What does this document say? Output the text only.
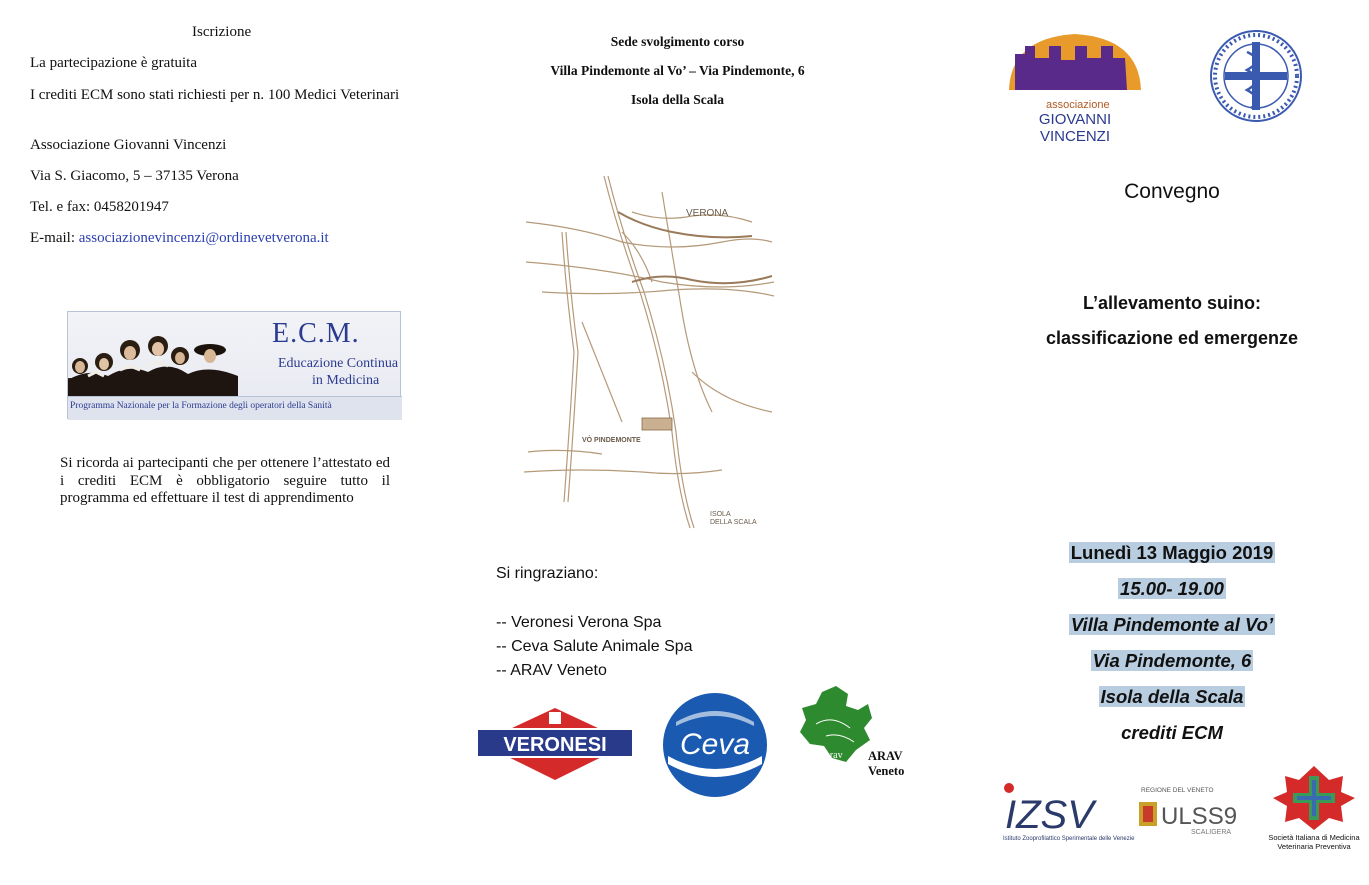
Iscrizione
La partecipazione è gratuita
I crediti ECM sono stati richiesti per n. 100 Medici Veterinari
Associazione Giovanni Vincenzi
Via S. Giacomo, 5 – 37135 Verona
Tel. e fax: 0458201947
E-mail: associazionevincenzi@ordinevetverona.it
E.C.M.
Educazione Continua
in Medicina
Programma Nazionale per la Formazione degli operatori della Sanità
Si ricorda ai partecipanti che per ottenere l’attestato ed i crediti ECM è obbligatorio seguire tutto il programma ed effettuare il test di apprendimento
Sede svolgimento corso
Villa Pindemonte al Vo’ – Via Pindemonte, 6
Isola della Scala
VERONA
VÒ PINDEMONTE
ISOLA
DELLA SCALA
Si ringraziano:
-- Veronesi Verona Spa
-- Ceva Salute Animale Spa
-- ARAV Veneto
VERONESI Ceva	arav ARAV Veneto
associazione
GIOVANNI VINCENZI
Convegno
L’allevamento suino:
classificazione ed emergenze
Lunedì 13 Maggio 2019
15.00- 19.00
Villa Pindemonte al Vo’
Via Pindemonte, 6
Isola della Scala
crediti ECM
IZSV
Istituto Zooprofilattico Sperimentale delle Venezie
REGIONE DEL VENETO
ULSS9
SCALIGERA
Società Italiana di Medicina Veterinaria Preventiva
